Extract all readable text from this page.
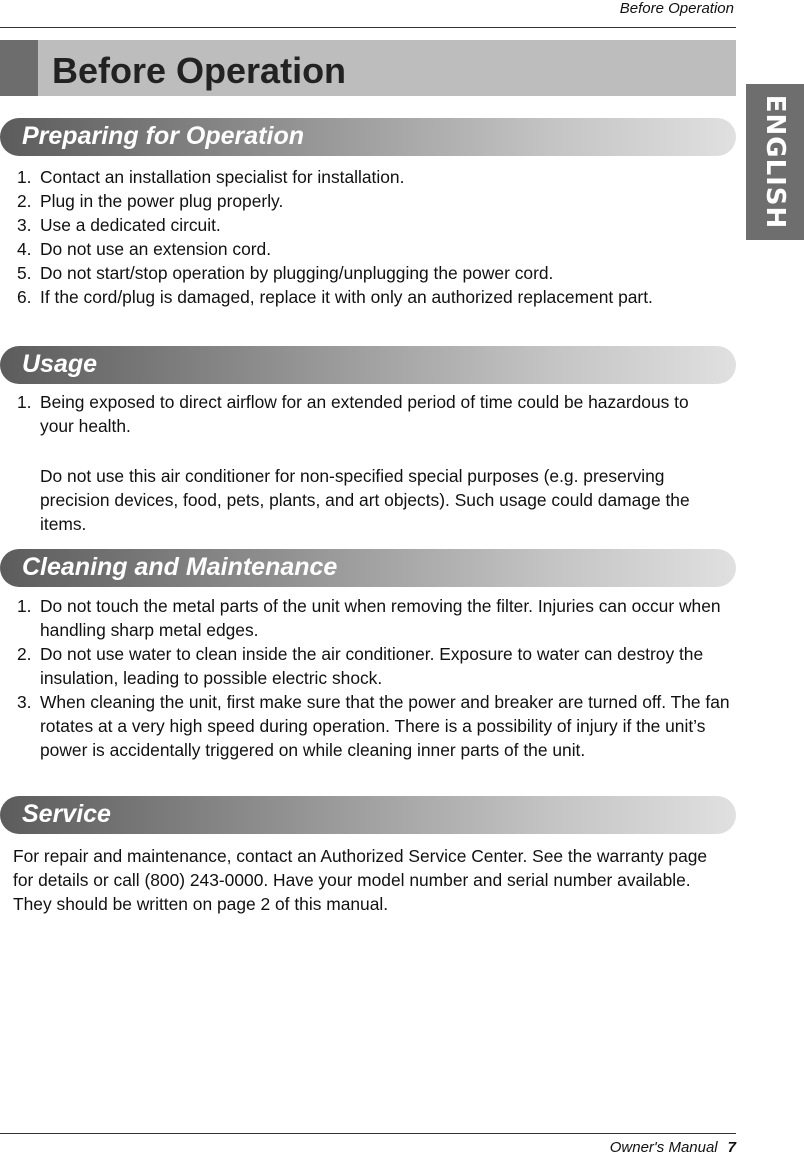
Before Operation
Before Operation
ENGLISH
Preparing for Operation
1. Contact an installation specialist for installation.
2. Plug in the power plug properly.
3. Use a dedicated circuit.
4. Do not use an extension cord.
5. Do not start/stop operation by plugging/unplugging the power cord.
6. If the cord/plug is damaged, replace it with only an authorized replacement part.
Usage
1. Being exposed to direct airflow for an extended period of time could be hazardous to your health.

Do not use this air conditioner for non-specified special purposes (e.g. preserving precision devices, food, pets, plants, and art objects). Such usage could damage the items.

Cleaning and Maintenance
1. Do not touch the metal parts of the unit when removing the filter. Injuries can occur when handling sharp metal edges.
2. Do not use water to clean inside the air conditioner. Exposure to water can destroy the insulation, leading to possible electric shock.
3. When cleaning the unit, first make sure that the power and breaker are turned off. The fan rotates at a very high speed during operation. There is a possibility of injury if the unit’s power is accidentally triggered on while cleaning inner parts of the unit.
Service

For repair and maintenance, contact an Authorized Service Center. See the warranty page for details or call (800) 243-0000. Have your model number and serial number available. They should be written on page 2 of this manual.

Owner's Manual 7
